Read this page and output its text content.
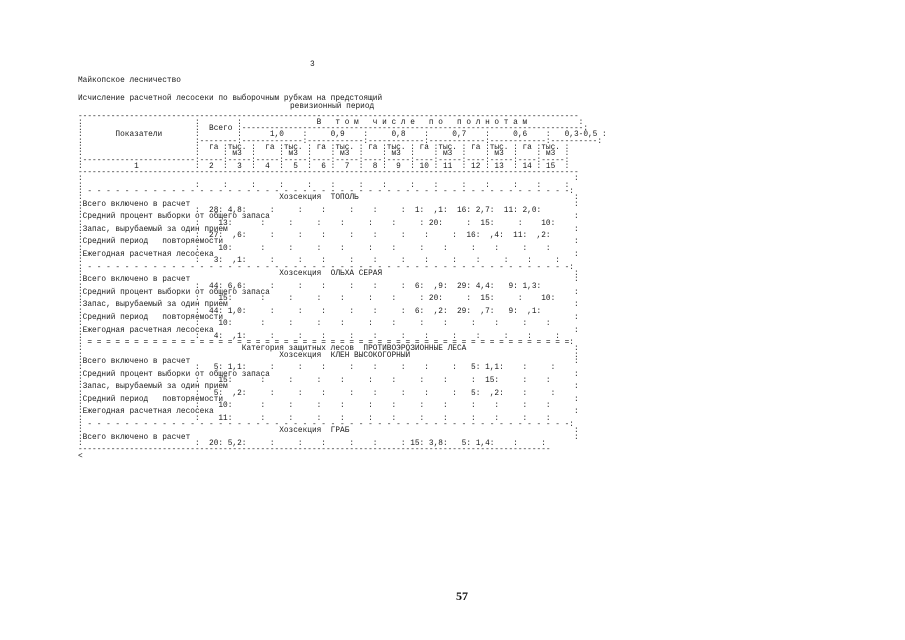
3
Майкопское лесничество
Исчисление расчетной лесосеки по выборочным рубкам на предстоящий
ревизионный период
-----------------------------------------------------------------------------------------------------------
:                        :        :                В   т о м   ч и с л е   п о   п о л н о т а м           :
:                        :  Всего :-------------------------------------------------------------------------:
:       Показатели       :        :      1,0    :     0,9    :     0,8    :     0,7    :     0,6    :   0,3-0,5 :
:                        :--------:-------------:------------:------------:------------:------------:----------:
:                        :  га :тыс. :  га :тыс. : га :тыс. : га :тыс. : га :тыс. : га :тыс. : га :тыс. :
:                        :     : м3  :     : м3  :    : м3  :    : м3  :    : м3  :    : м3  :    : м3  :
:------------------------:-----:-----:-----:-----:----:-----:----:-----:----:-----:----:-----:----:-----:
:           1            :  2  :  3  :  4  :  5  :  6 :  7  :  8 :  9  : 10 : 11  : 12 : 13  : 14 : 15  :
-----------------------------------------------------------------------------------------------------------
:                                                                                                         :
:                        :     :     :     :     :    :     :    :     :    :     :    :     :    :     :
: - - - - - - - - - - - - - - - - - - - - - - - - - - - - - - - - - - - - - - - - - - - - - - - - - - - -:
:                                          Хозсекция  ТОПОЛЬ                                              :
:Всего включено в расчет                                                                                  :
:                        :  28: 4,8:     :     :    :     :    :     :  1:  ,1:  16: 2,7:  11: 2,0:
:Средний процент выборки от общего запаса                                                                 :
:                        :    13:      :     :     :    :     :    :     : 20:     :  15:     :    10:
:Запас, вырубаемый за один прием                                                                          :
:                        :  27:  ,6:     :     :    :     :    :     :    :     :  16:  ,4:  11:  ,2:
:Средний период   повторяемости                                                                           :
:                        :    10:      :     :     :    :     :    :     :    :     :    :     :    :
:Ежегодная расчетная лесосека                                                                             :
:                        :   3:  ,1:     :     :    :     :    :     :    :     :    :     :    :     :
: - - - - - - - - - - - - - - - - - - - - - - - - - - - - - - - - - - - - - - - - - - - - - - - - - - - -:
:                                          Хозсекция  ОЛЬХА СЕРАЯ                                         :
:Всего включено в расчет                                                                                  :
:                        :  44: 6,6:     :     :    :     :    :     :  6:  ,9:  29: 4,4:   9: 1,3:
:Средний процент выборки от общего запаса                                                                 :
:                        :    15:      :     :     :    :     :    :     : 20:     :  15:     :    10:
:Запас, вырубаемый за один прием                                                                          :
:                        :  44: 1,0:     :     :    :     :    :     :  6:  ,2:  29:  ,7:   9:  ,1:
:Средний период   повторяемости                                                                           :
:                        :    10:      :     :     :    :     :    :     :    :     :    :     :    :
:Ежегодная расчетная лесосека                                                                             :
:                        :   4:  ,1:     :     :    :     :    :     :    :     :    :     :    :     :
: = = = = = = = = = = = = = = = = = = = = = = = = = = = = = = = = = = = = = = = = = = = = = = = = = = = =:
:                                  Категория защитных лесов  ПРОТИВОЭРОЗИОННЫЕ ЛЕСА                       :
:                                          Хозсекция  КЛЕН ВЫСОКОГОРНЫЙ                                   :
:Всего включено в расчет                                                                                  :
:                        :   5: 1,1:     :     :    :     :    :     :    :     :   5: 1,1:    :     :
:Средний процент выборки от общего запаса                                                                 :
:                        :    15:      :     :     :    :     :    :     :    :     :  15:     :    :
:Запас, вырубаемый за один прием                                                                          :
:                        :   5:  ,2:     :     :    :     :    :     :    :     :   5:  ,2:    :     :
:Средний период   повторяемости                                                                           :
:                        :    10:      :     :     :    :     :    :     :    :     :    :     :    :
:Ежегодная расчетная лесосека                                                                             :
:                        :    11:      :     :     :    :     :    :     :    :     :    :     :    :
: - - - - - - - - - - - - - - - - - - - - - - - - - - - - - - - - - - - - - - - - - - - - - - - - - - - -:
:                                          Хозсекция  ГРАБ                                                :
:Всего включено в расчет                                                                                  :
:                        :  20: 5,2:     :     :    :     :    :     : 15: 3,8:   5: 1,4:    :     :
-----------------------------------------------------------------------------------------------------
<
57
